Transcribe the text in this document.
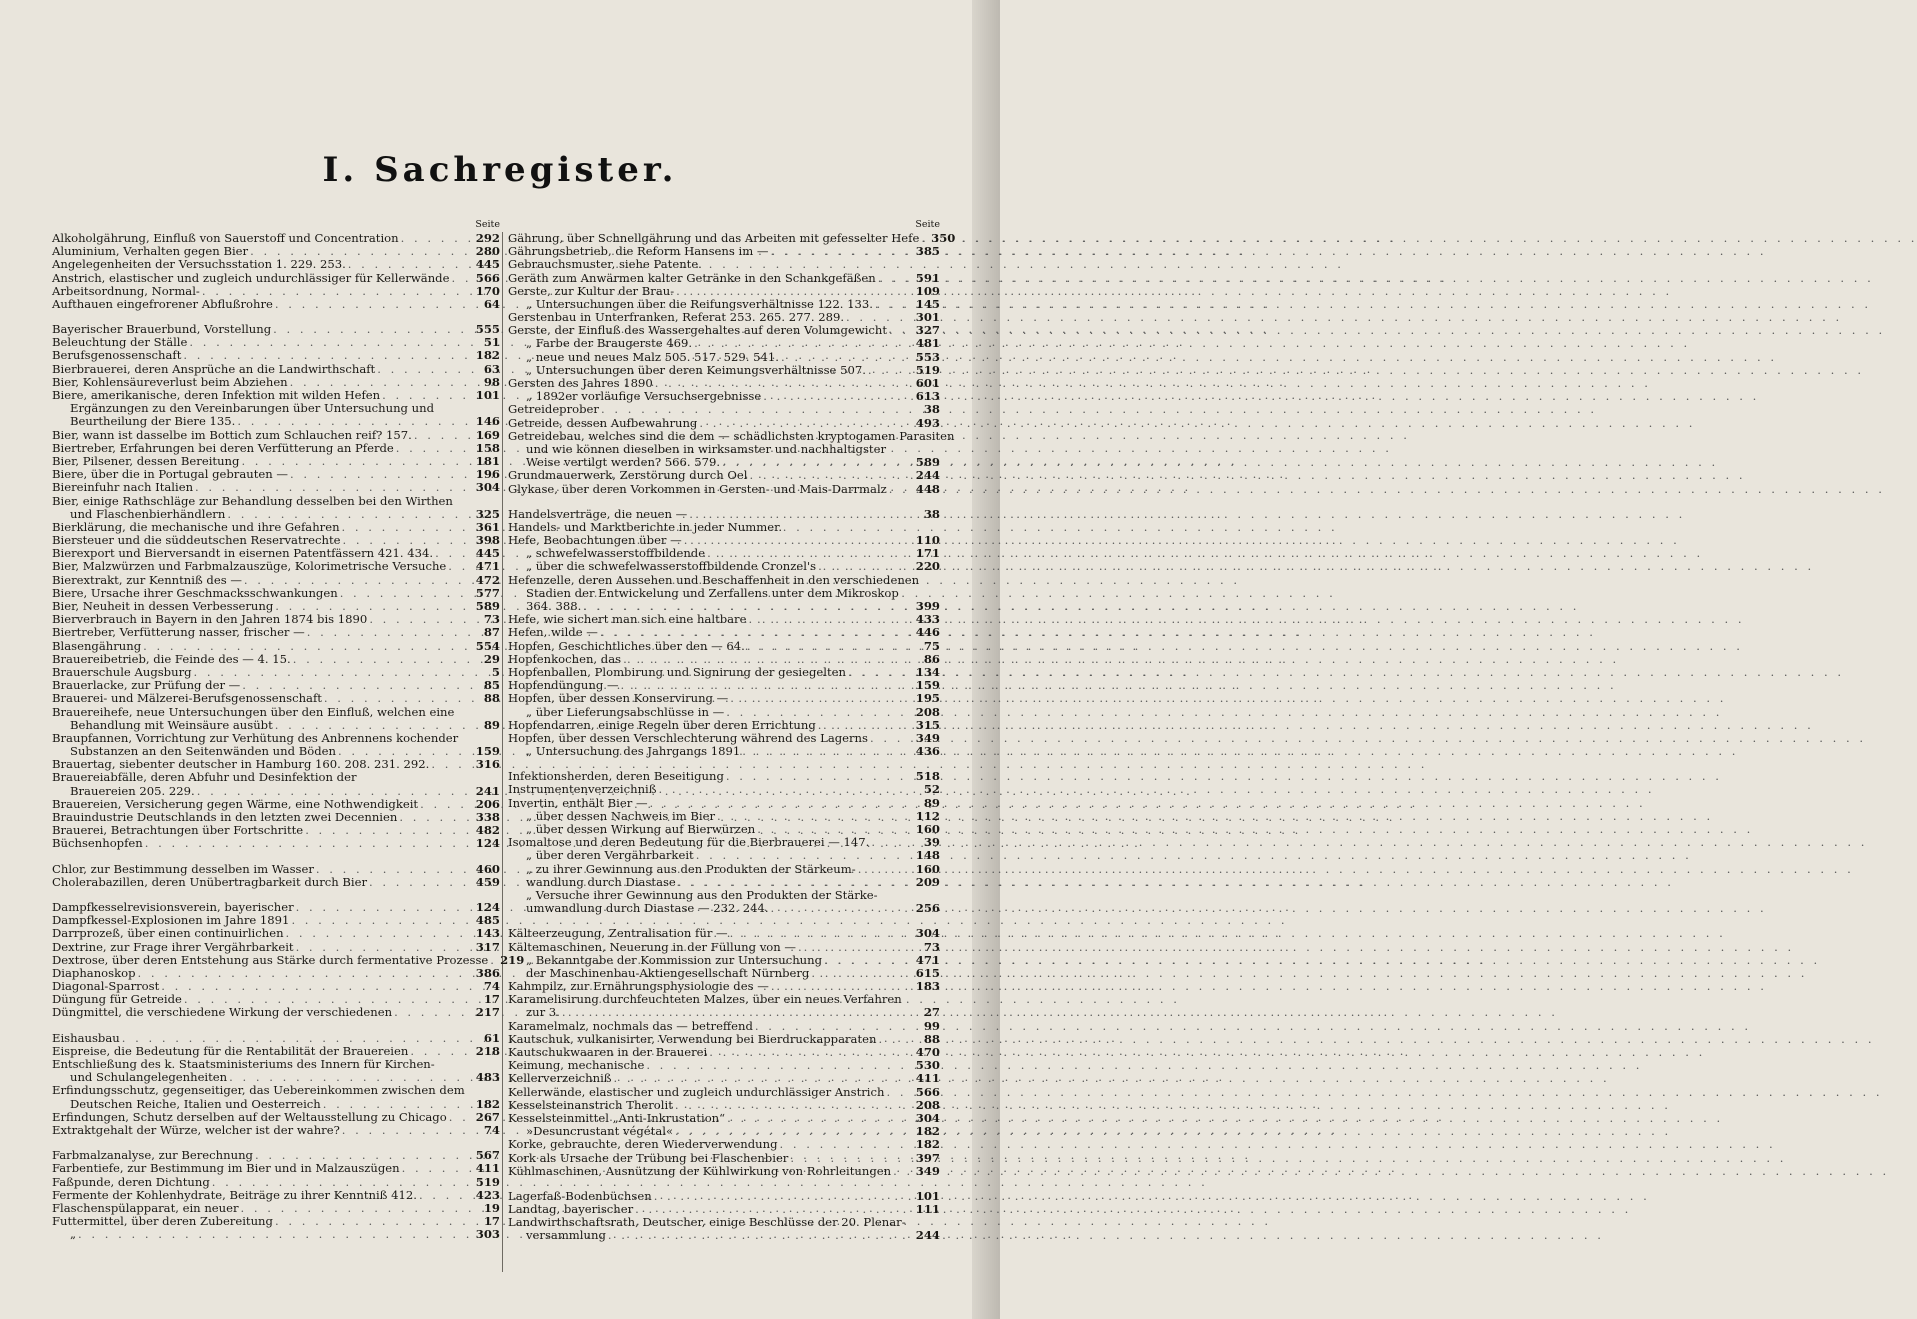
I. Sachregister.
Seite
Alkoholgährung, Einfluß von Sauerstoff und Concentration . . .	292
Aluminium, Verhalten gegen Bier . . .	280
Angelegenheiten der Versuchsstation 1. 229. 253. . . .	445
Anstrich, elastischer und zugleich undurchlässiger für Kellerwände . . . 566
Arbeitsordnung, Normal- . . .	170
Aufthauen eingefrorener Abflußrohre . . .	64
Bayerischer Brauerbund, Vorstellung . . .	555
Beleuchtung der Ställe . . .	51
Berufsgenossenschaft . . .	182
Bierbrauerei, deren Ansprüche an die Landwirthschaft . . .	63
Bier, Kohlensäureverlust beim Abziehen . . .	98
Biere, amerikanische, deren Infektion mit wilden Hefen . . .	101
Ergänzungen zu den Vereinbarungen über Untersuchung und
Beurtheilung der Biere 135. . . .	146
Bier, wann ist dasselbe im Bottich zum Schlauchen reif? 157. . . .	169
Biertreber, Erfahrungen bei deren Verfütterung an Pferde . . .	158
Bier, Pilsener, dessen Bereitung . . .	181
Biere, über die in Portugal gebrauten — . . .	196
Biereinfuhr nach Italien . . .	304
Bier, einige Rathschläge zur Behandlung desselben bei den Wirthen
und Flaschenbierhändlern . . .	325
Bierklärung, die mechanische und ihre Gefahren . . .	361
Biersteuer und die süddeutschen Reservatrechte . . .	398
Bierexport und Bierversandt in eisernen Patentfässern 421. 434. . . .	445
Bier, Malzwürzen und Farbmalzauszüge, Kolorimetrische Versuche . . .	471
Bierextrakt, zur Kenntniß des — . . .	472
Biere, Ursache ihrer Geschmacksschwankungen . . .	577
Bier, Neuheit in dessen Verbesserung . . .	589
Bierverbrauch in Bayern in den Jahren 1874 bis 1890 . . .	73
Biertreber, Verfütterung nasser, frischer — . . .	87
Blasengährung . . .	554
Brauereibetrieb, die Feinde des — 4. 15. . . .	29
Brauerschule Augsburg . . .	5
Brauerlacke, zur Prüfung der — . . .	85
Brauerei- und Mälzerei-Berufsgenossenschaft . . .	88
Brauereihefe, neue Untersuchungen über den Einfluß, welchen eine
Behandlung mit Weinsäure ausübt . . .	89
Braupfannen, Vorrichtung zur Verhütung des Anbrennens kochender
Substanzen an den Seitenwänden und Böden . . .	159
Brauertag, siebenter deutscher in Hamburg 160. 208. 231. 292. . . .	316
Brauereiabfälle, deren Abfuhr und Desinfektion der
Brauereien 205. 229. . . .	241
Brauereien, Versicherung gegen Wärme, eine Nothwendigkeit . . .	206
Brauindustrie Deutschlands in den letzten zwei Decennien . . .	338
Brauerei, Betrachtungen über Fortschritte . . .	482
Büchsenhopfen . . .	124
Chlor, zur Bestimmung desselben im Wasser . . .	460
Cholerabazillen, deren Unübertragbarkeit durch Bier . . .	459
Dampfkesselrevisionsverein, bayerischer . . .	124
Dampfkessel-Explosionen im Jahre 1891 . . .	485
Darrprozeß, über einen continuirlichen . . .	143
Dextrine, zur Frage ihrer Vergährbarkeit . . .	317
Dextrose, über deren Entstehung aus Stärke durch fermentative Prozesse . . . 219
Diaphanoskop . . .	386
Diagonal-Sparrost . . .	74
Düngung für Getreide . . .	17
Düngmittel, die verschiedene Wirkung der verschiedenen . . .	217
Eishausbau . . .	61
Eispreise, die Bedeutung für die Rentabilität der Brauereien . . .	218
Entschließung des k. Staatsministeriums des Innern für Kirchen-
und Schulangelegenheiten . . .	483
Erfindungsschutz, gegenseitiger, das Uebereinkommen zwischen dem
Deutschen Reiche, Italien und Oesterreich . . .	182
Erfindungen, Schutz derselben auf der Weltausstellung zu Chicago . . .	267
Extraktgehalt der Würze, welcher ist der wahre? . . .	74
Farbmalzanalyse, zur Berechnung . . .	567
Farbentiefe, zur Bestimmung im Bier und in Malzauszügen . . .	411
Faßpunde, deren Dichtung . . .	519
Fermente der Kohlenhydrate, Beiträge zu ihrer Kenntniß 412. . . .	423
Flaschenspülapparat, ein neuer . . .	19
Futtermittel, über deren Zubereitung . . .	17
„ . . .	303
Seite
Gährung, über Schnellgährung und das Arbeiten mit gefesselter Hefe . . . 350
Gährungsbetrieb, die Reform Hansens im — . . .	385
Gebrauchsmuster, siehe Patente.
Geräth zum Anwärmen kalter Getränke in den Schankgefäßen . . .	591
Gerste, zur Kultur der Brau- . . .	109
„ Untersuchungen über die Reifungsverhältnisse 122. 133. . . .	145
Gerstenbau in Unterfranken, Referat 253. 265. 277. 289. . . .	301
Gerste, der Einfluß des Wassergehaltes auf deren Volumgewicht . . . 327
„ Farbe der Braugerste 469. . . .	481
„ neue und neues Malz 505. 517. 529. 541. . . .	553
„ Untersuchungen über deren Keimungsverhältnisse 507. . . .	519
Gersten des Jahres 1890 . . .	601
„ 1892er vorläufige Versuchsergebnisse . . .	613
Getreideprober . . .	38
Getreide, dessen Aufbewahrung . . .	493
Getreidebau, welches sind die dem — schädlichsten kryptogamen Parasiten
und wie können dieselben in wirksamster und nachhaltigster
Weise vertilgt werden? 566. 579. . . .	589
Grundmauerwerk, Zerstörung durch Oel . . .	244
Glykase, über deren Vorkommen in Gersten- und Mais-Darrmalz . . .	448
Handelsverträge, die neuen — . . .	38
Handels- und Marktberichte in jeder Nummer.
Hefe, Beobachtungen über — . . .	110
„ schwefelwasserstoffbildende . . .	171
„ über die schwefelwasserstoffbildende Cronzel's . . .	220
Hefenzelle, deren Aussehen und Beschaffenheit in den verschiedenen
Stadien der Entwickelung und Zerfallens unter dem Mikroskop
364. 388. . . .	399
Hefe, wie sichert man sich eine haltbare . . .	433
Hefen, wilde — . . .	446
Hopfen, Geschichtliches über den — 64. . . .	75
Hopfenkochen, das . . .	86
Hopfenballen, Plombirung und Signirung der gesiegelten . . .	134
Hopfendüngung — . . .	159
Hopfen, über dessen Konservirung — . . .	195
„ über Lieferungsabschlüsse in — . . .	208
Hopfendarren, einige Regeln über deren Errichtung . . .	315
Hopfen, über dessen Verschlechterung während des Lagerns . . .	349
„ Untersuchung des Jahrgangs 1891 . . .	436
Infektionsherden, deren Beseitigung . . .	518
Instrumentenverzeichniß . . .	52
Invertin, enthält Bier — . . .	89
„ über dessen Nachweis im Bier . . .	112
„ über dessen Wirkung auf Bierwürzen . . .	160
Isomaltose und deren Bedeutung für die Bierbrauerei — 147. . . .	39
„ über deren Vergährbarkeit . . .	148
„ zu ihrer Gewinnung aus den Produkten der Stärkeum- . . .	160
wandlung durch Diastase . . .	209
„ Versuche ihrer Gewinnung aus den Produkten der Stärke-
umwandlung durch Diastase — 232. 244. . . .	256
Kälteerzeugung, Zentralisation für — . . .	304
Kältemaschinen, Neuerung in der Füllung von — . . .	73
„ Bekanntgabe der Kommission zur Untersuchung . . .	471
der Maschinenbau-Aktiengesellschaft Nürnberg . . .	615
Kahmpilz, zur Ernährungsphysiologie des — . . .	183
Karamelisirung durchfeuchteten Malzes, über ein neues Verfahren
zur 3. . . .	27
Karamelmalz, nochmals das — betreffend . . .	99
Kautschuk, vulkanisirter, Verwendung bei Bierdruckapparaten . . .	88
Kautschukwaaren in der Brauerei . . .	470
Keimung, mechanische . . .	530
Kellerverzeichniß . . .	411
Kellerwände, elastischer und zugleich undurchlässiger Anstrich . . .	566
Kesselsteinanstrich Therolit . . .	208
Kesselsteinmittel „Anti-Inkrustation“ . . .	304
»Desuncrustant végétal« . . .	182
Korke, gebrauchte, deren Wiederverwendung . . .	182
Kork als Ursache der Trübung bei Flaschenbier . . .	397
Kühlmaschinen, Ausnützung der Kühlwirkung von Rohrleitungen . . . 349
Lagerfaß-Bodenbüchsen . . .	101
Landtag, bayerischer . . .	111
Landwirthschaftsrath, Deutscher, einige Beschlüsse der 20. Plenar-
versammlung . . .	244
